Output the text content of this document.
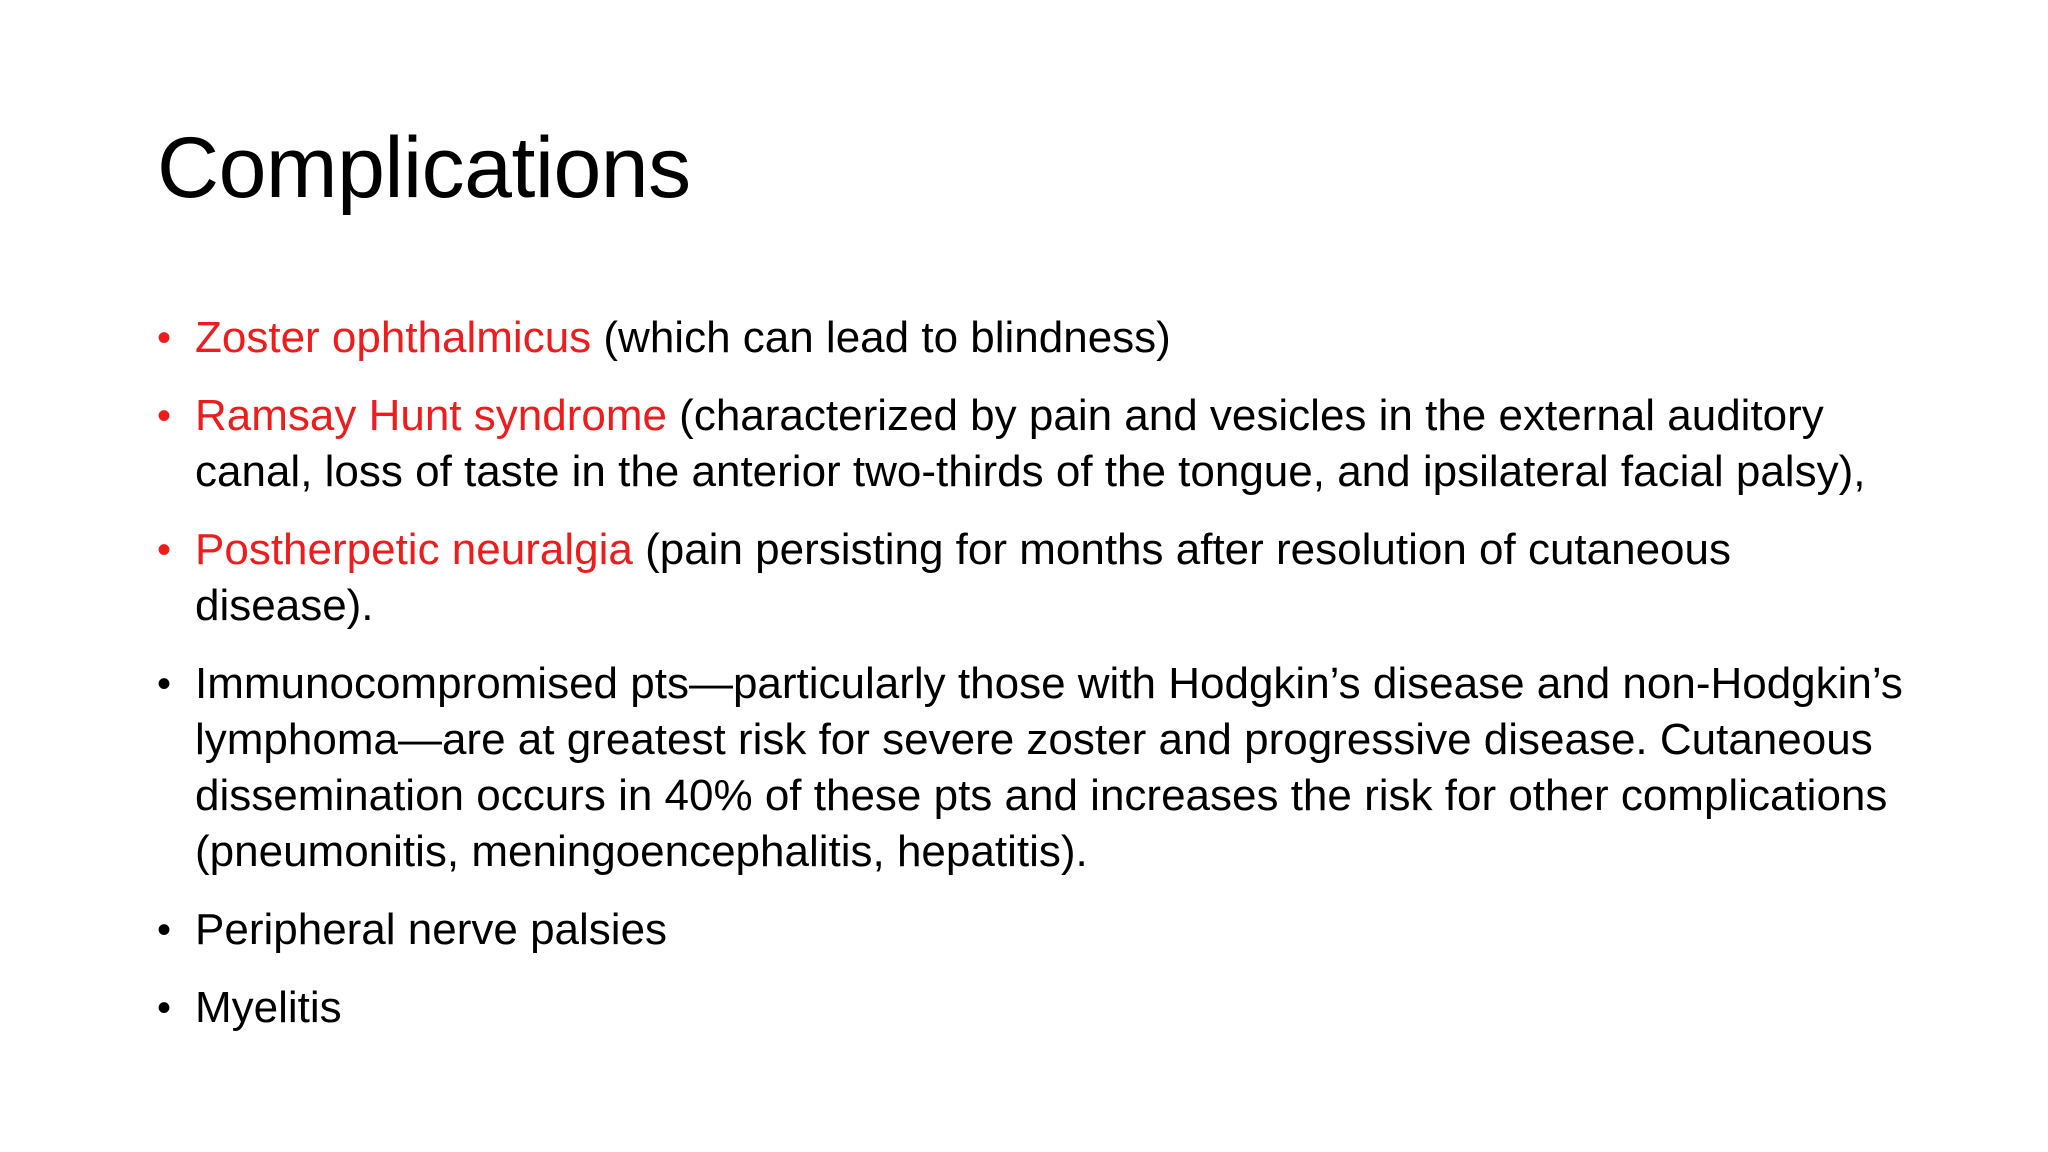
Complications
• Zoster ophthalmicus (which can lead to blindness)
• Ramsay Hunt syndrome (characterized by pain and vesicles in the external auditory canal, loss of taste in the anterior two-thirds of the tongue, and ipsilateral facial palsy),
• Postherpetic neuralgia (pain persisting for months after resolution of cutaneous disease).
• Immunocompromised pts—particularly those with Hodgkin’s disease and non-Hodgkin’s lymphoma—are at greatest risk for severe zoster and progressive disease. Cutaneous dissemination occurs in 40% of these pts and increases the risk for other complications (pneumonitis, meningoencephalitis, hepatitis).
• Peripheral nerve palsies
• Myelitis
